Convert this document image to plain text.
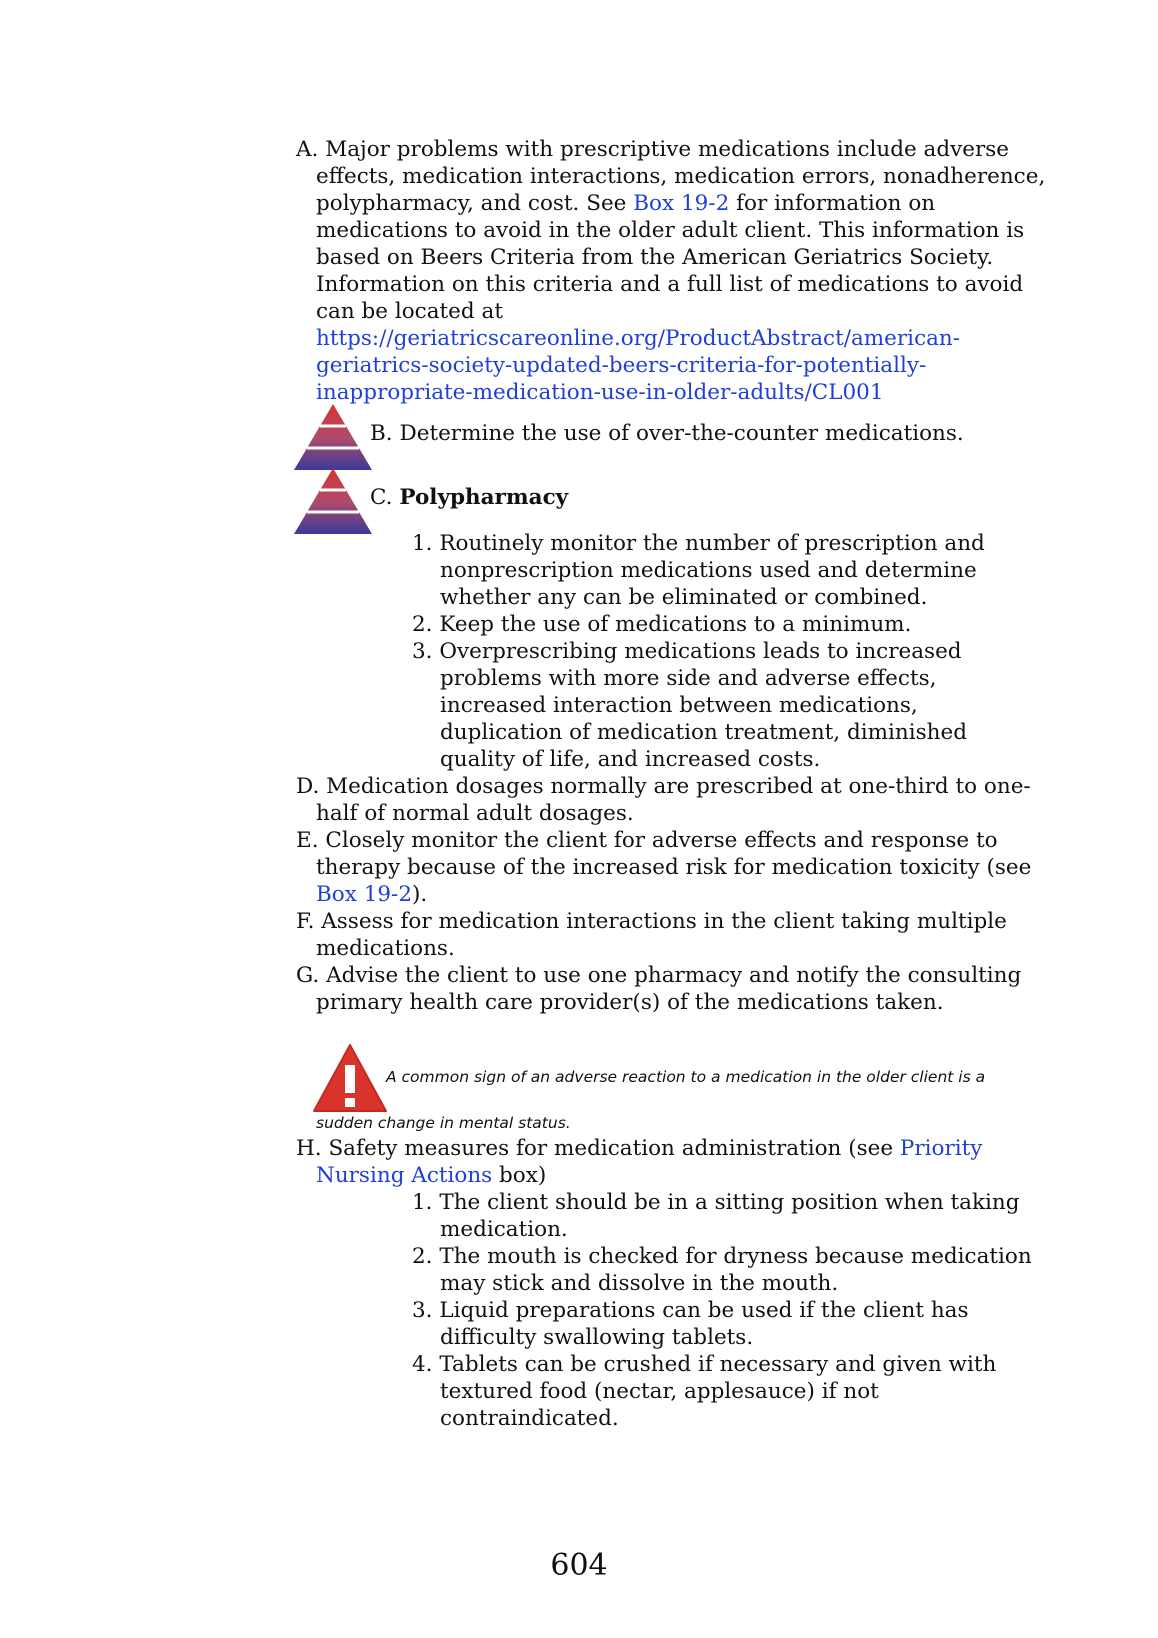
A. Major problems with prescriptive medications include adverse
effects, medication interactions, medication errors, nonadherence,
polypharmacy, and cost. See Box 19-2 for information on
medications to avoid in the older adult client. This information is
based on Beers Criteria from the American Geriatrics Society.
Information on this criteria and a full list of medications to avoid
can be located at
https://geriatricscareonline.org/ProductAbstract/american-
geriatrics-society-updated-beers-criteria-for-potentially-
inappropriate-medication-use-in-older-adults/CL001
B. Determine the use of over-the-counter medications.
C. Polypharmacy
1. Routinely monitor the number of prescription and
nonprescription medications used and determine
whether any can be eliminated or combined.
2. Keep the use of medications to a minimum.
3. Overprescribing medications leads to increased
problems with more side and adverse effects,
increased interaction between medications,
duplication of medication treatment, diminished
quality of life, and increased costs.
D. Medication dosages normally are prescribed at one-third to one-
half of normal adult dosages.
E. Closely monitor the client for adverse effects and response to
therapy because of the increased risk for medication toxicity (see
Box 19-2).
F. Assess for medication interactions in the client taking multiple
medications.
G. Advise the client to use one pharmacy and notify the consulting
primary health care provider(s) of the medications taken.
A common sign of an adverse reaction to a medication in the older client is a
sudden change in mental status.
H. Safety measures for medication administration (see Priority
Nursing Actions box)
1. The client should be in a sitting position when taking
medication.
2. The mouth is checked for dryness because medication
may stick and dissolve in the mouth.
3. Liquid preparations can be used if the client has
difficulty swallowing tablets.
4. Tablets can be crushed if necessary and given with
textured food (nectar, applesauce) if not
contraindicated.
604
